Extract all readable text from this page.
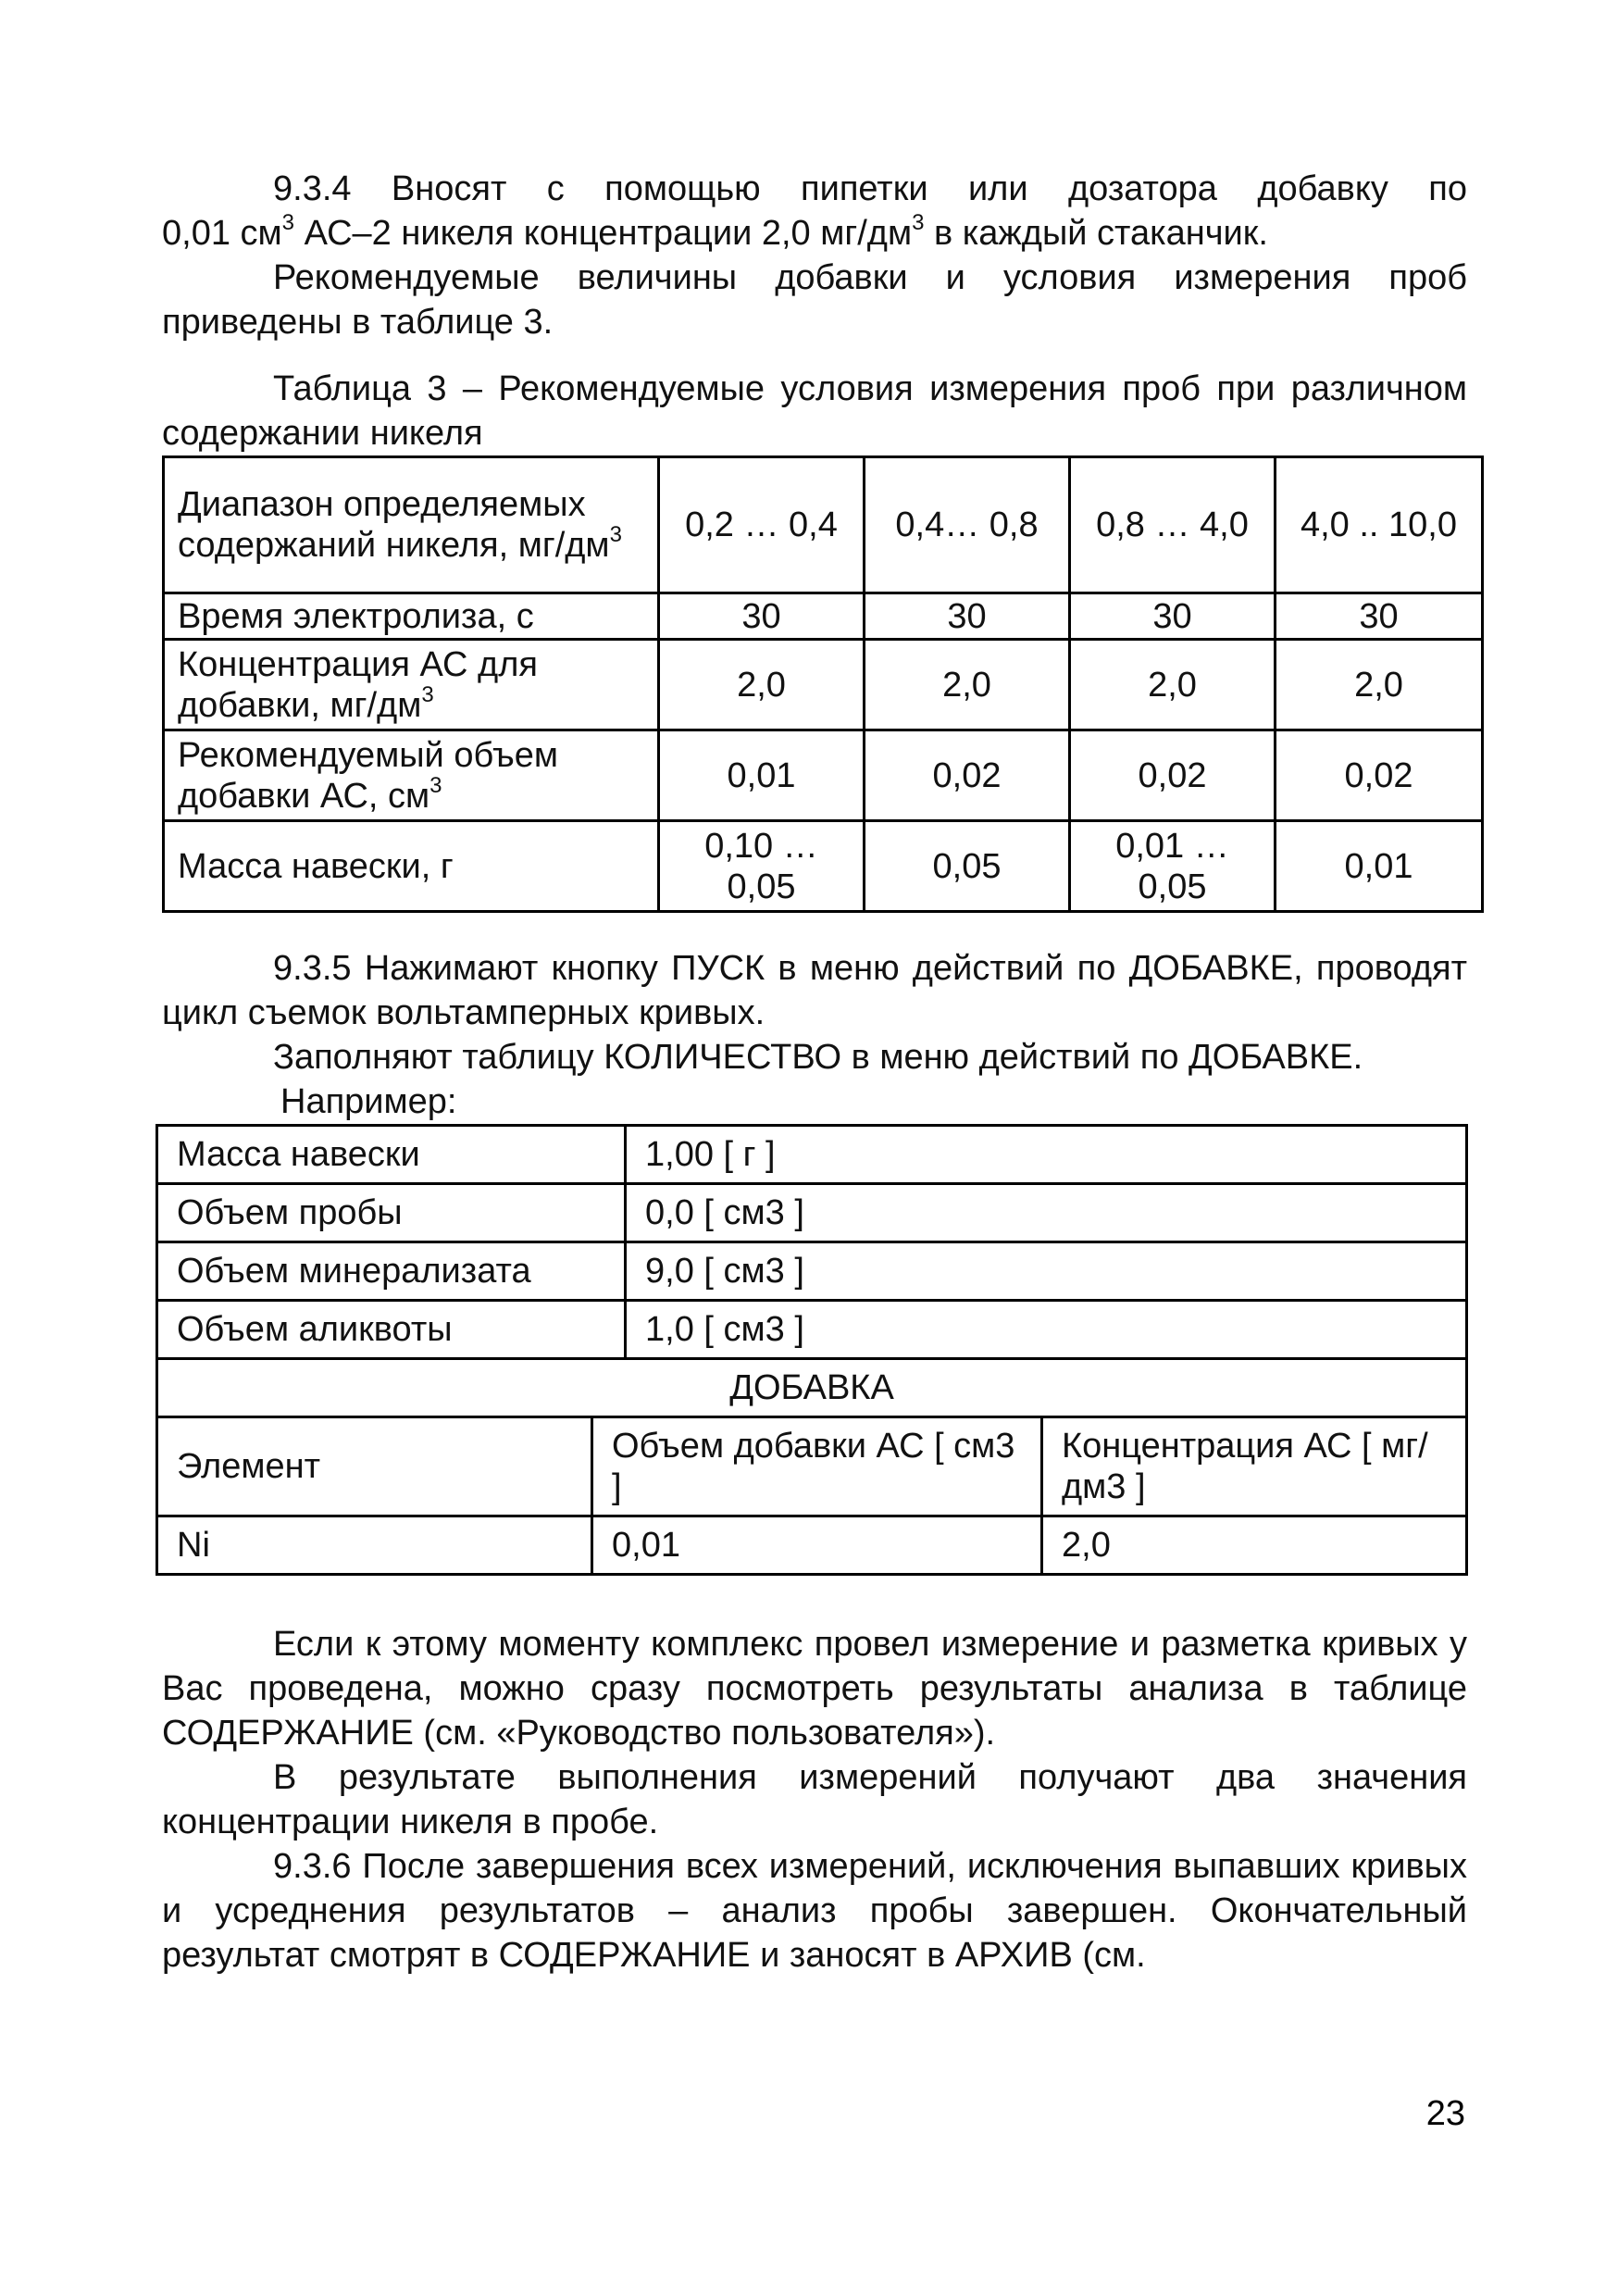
9.3.4 Вносят с помощью пипетки или дозатора добавку по

0,01 $см^3$ АС–2 никеля концентрации 2,0 $мг/дм^3$ в каждый стаканчик.

Рекомендуемые величины добавки и условия измерения проб приведены в таблице 3.

Таблица 3 – Рекомендуемые условия измерения проб при различном содержании никеля

Диапазон определяемых содержаний никеля, $мг/дм^3$	0,2 … 0,4	0,4… 0,8	0,8 … 4,0	4,0 .. 10,0
Время электролиза, с	30	30	30	30
Концентрация АС для добавки, $мг/дм^3$	2,0	2,0	2,0	2,0
Рекомендуемый объем добавки АС, $см^3$	0,01	0,02	0,02	0,02
Масса навески, г	0,10 … 0,05	0,05	0,01 … 0,05	0,01

9.3.5 Нажимают кнопку ПУСК в меню действий по ДОБАВКЕ, проводят цикл съемок вольтамперных кривых.

Заполняют таблицу КОЛИЧЕСТВО в меню действий по ДОБАВКЕ.

Например:

Масса навески		1,00 [ г ]	
Объем пробы		0,0 [ см3 ]	
Объем минерализата		9,0 [ см3 ]	
Объем аликвоты		1,0 [ см3 ]	
ДОБАВКА			
Элемент	Объем добавки АС [ см3 ]		Концентрация АС [ мг/дм3 ]
Ni	0,01		2,0

Если к этому моменту комплекс провел измерение и разметка кривых у Вас проведена, можно сразу посмотреть результаты анализа в таблице СОДЕРЖАНИЕ (см. «Руководство пользователя»).

В результате выполнения измерений получают два значения концентрации никеля в пробе.

9.3.6 После завершения всех измерений, исключения выпавших кривых и усреднения результатов – анализ пробы завершен. Окончательный результат смотрят в СОДЕРЖАНИЕ и заносят в АРХИВ (см.

23
